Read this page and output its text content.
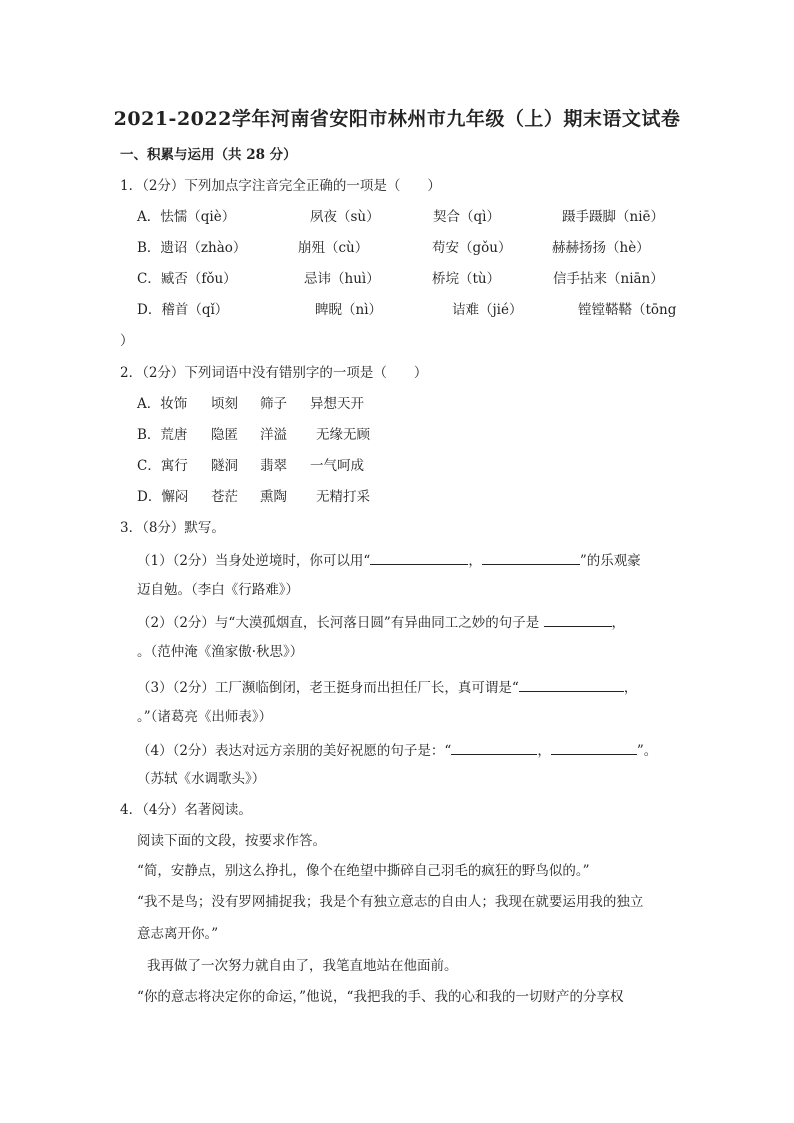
2021-2022学年河南省安阳市林州市九年级（上）期末语文试卷
一、积累与运用（共 28 分）
1．（2分）下列加点字注音完全正确的一项是（　　）
A．怯懦（qiè）	夙夜（sù）	契合（qì）	蹑手蹑脚（niē）
B．遗诏（zhào）	崩殂（cù）	苟安（gǒu）	赫赫扬扬（hè）
C．臧否（fǒu）	忌讳（huì）	桥垸（tù）	信手拈来（niān）
D．稽首（qǐ）	睥睨（nì）	诘难（jié）	镗镗鞳鞳（tōng
）
2．（2分）下列词语中没有错别字的一项是（　　）
A．妆饰 顷刻 筛子 异想天开
B．荒唐 隐匿 洋溢 无缘无顾
C．寓行 隧洞 翡翠 一气呵成
D．懈闷 苍茫 熏陶 无精打采
3．（8分）默写。
（1）（2分）当身处逆境时，你可以用“	，	”的乐观豪
迈自勉。（李白《行路难》）
（2）（2分）与“大漠孤烟直，长河落日圆”有异曲同工之妙的句子是	，
。（范仲淹《渔家傲·秋思》）
（3）（2分）工厂濒临倒闭，老王挺身而出担任厂长，真可谓是“	，
。”（诸葛亮《出师表》）
（4）（2分）表达对远方亲朋的美好祝愿的句子是：“	，	”。
（苏轼《水调歌头》）
4．（4分）名著阅读。
阅读下面的文段，按要求作答。
“简，安静点，别这么挣扎，像个在绝望中撕碎自己羽毛的疯狂的野鸟似的。”
“我不是鸟；没有罗网捕捉我；我是个有独立意志的自由人；我现在就要运用我的独立
意志离开你。”
我再做了一次努力就自由了，我笔直地站在他面前。
“你的意志将决定你的命运，”他说，“我把我的手、我的心和我的一切财产的分享权
